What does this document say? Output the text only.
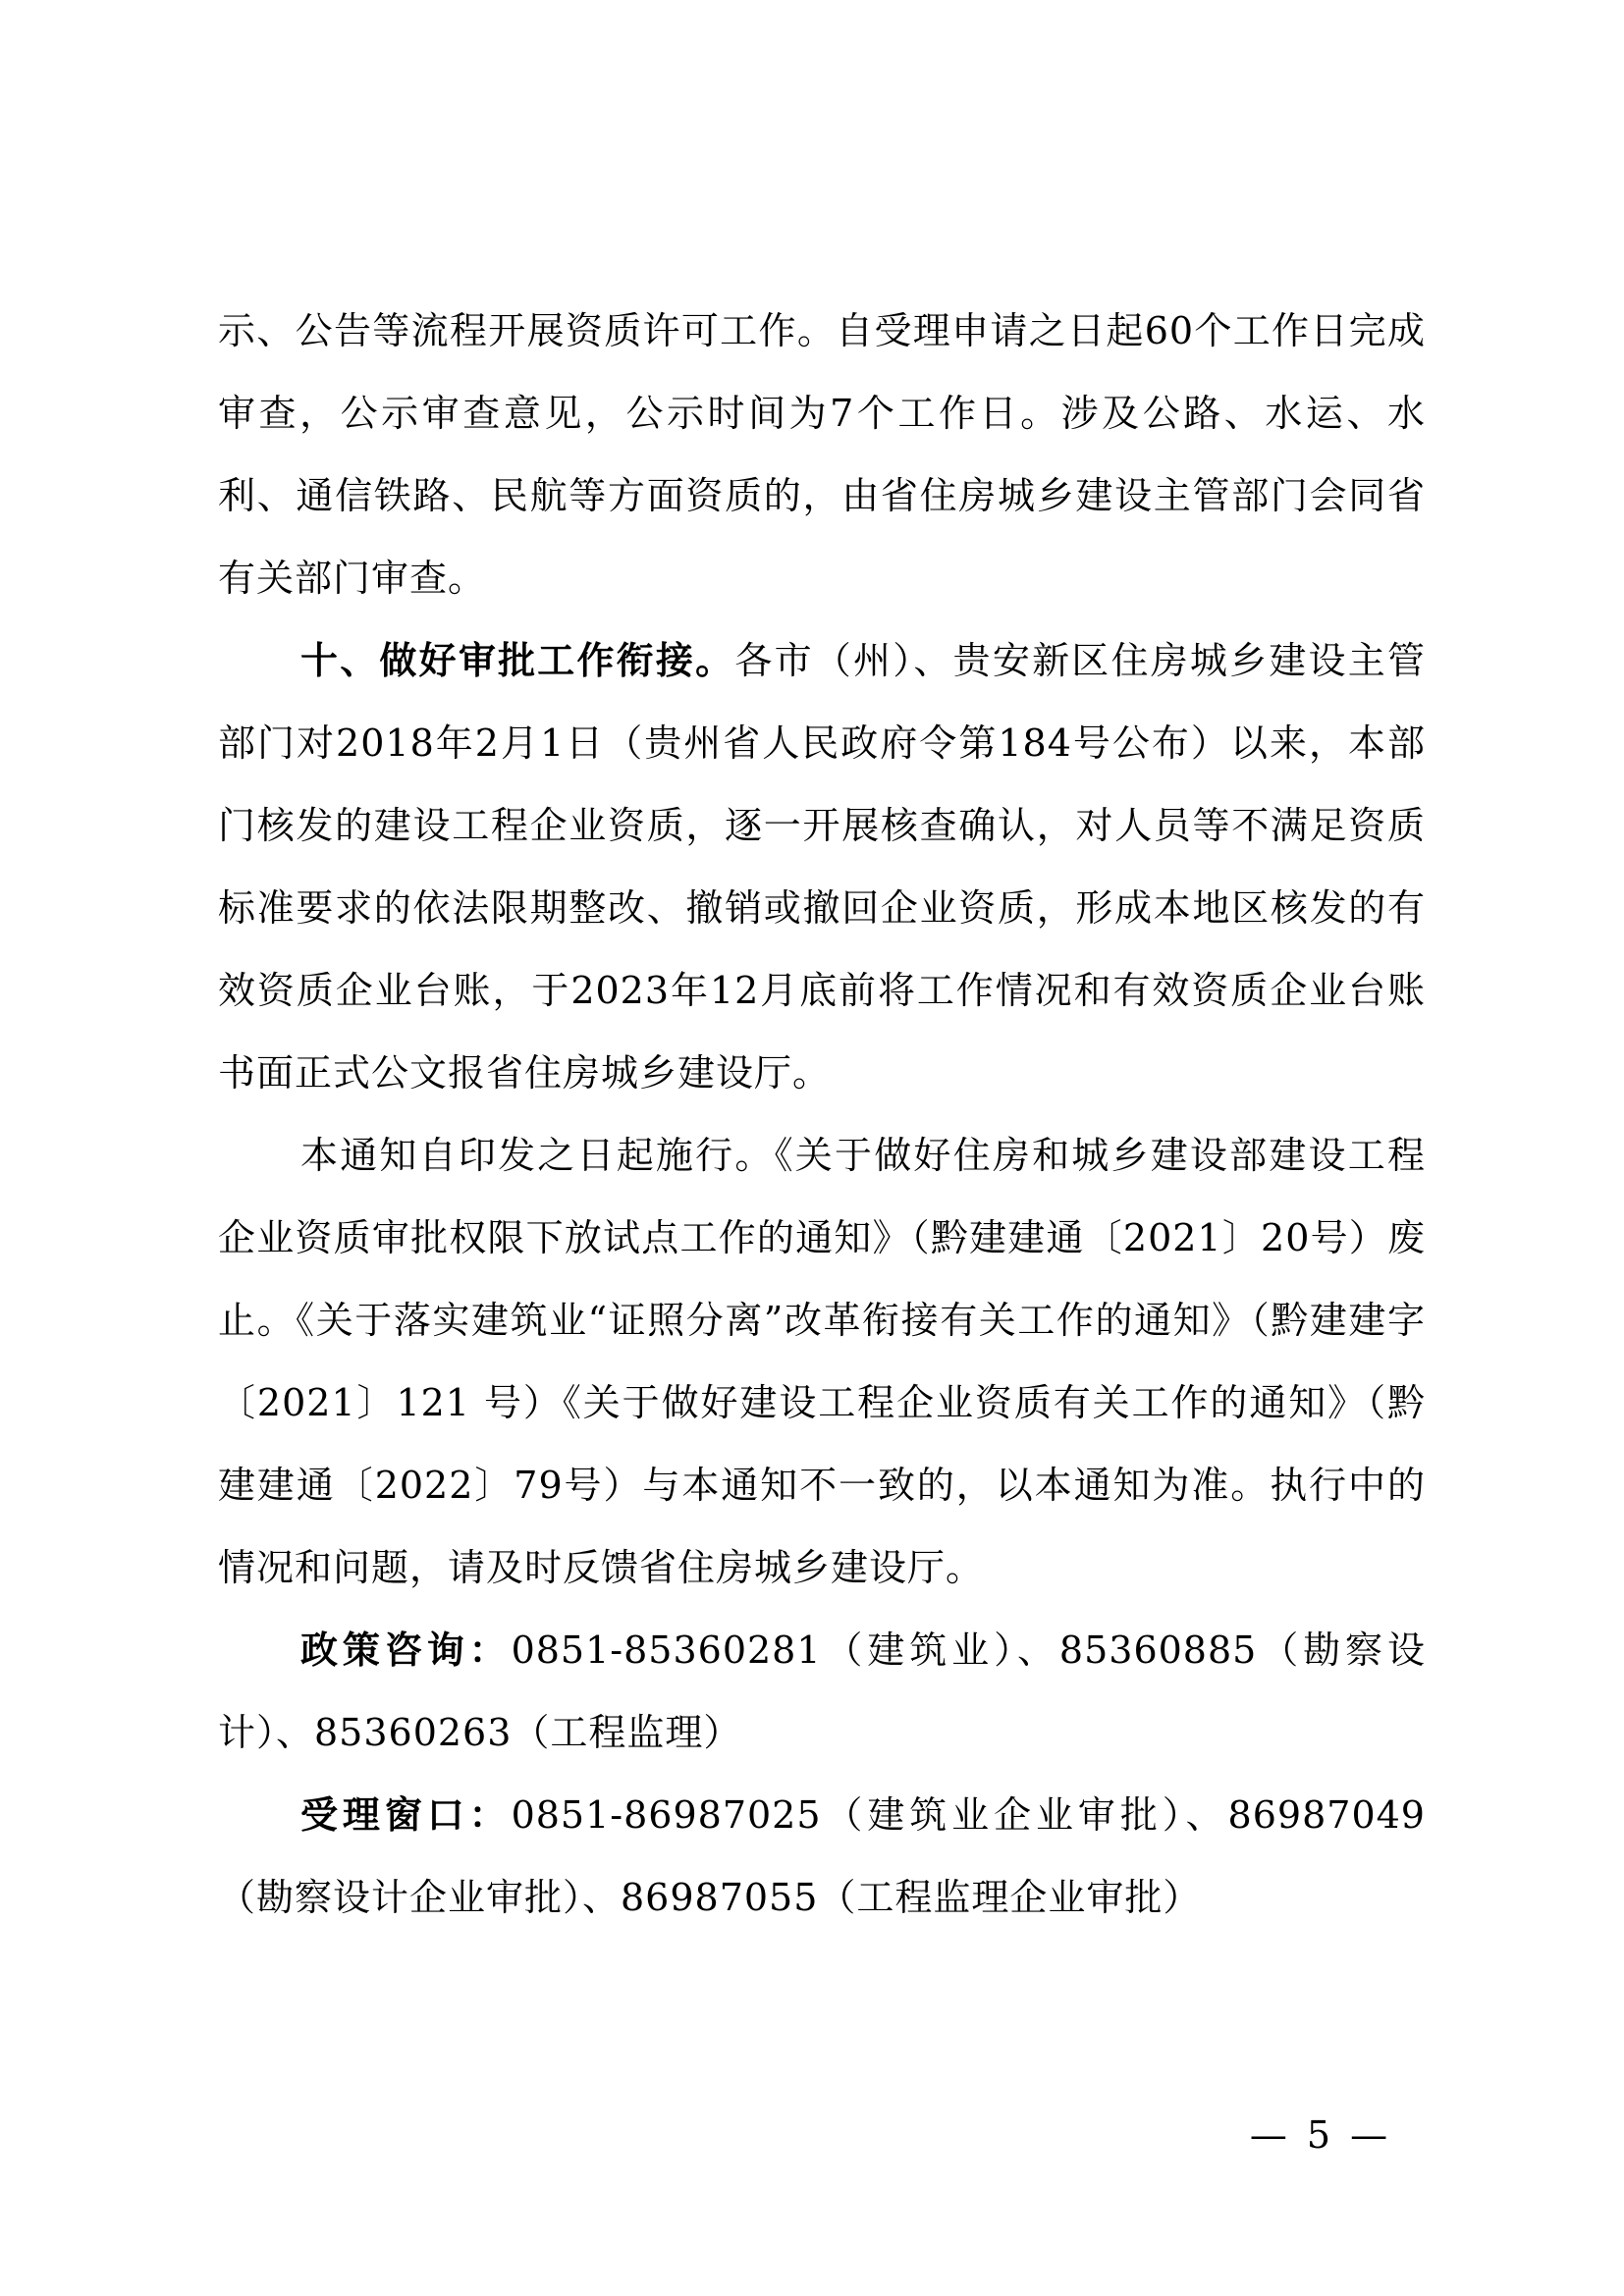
示、公告等流程开展资质许可工作。自受理申请之日起60个工作日完成审查，公示审查意见，公示时间为7个工作日。涉及公路、水运、水利、通信铁路、民航等方面资质的，由省住房城乡建设主管部门会同省有关部门审查。

十、做好审批工作衔接。各市（州）、贵安新区住房城乡建设主管部门对2018年2月1日（贵州省人民政府令第184号公布）以来，本部门核发的建设工程企业资质，逐一开展核查确认，对人员等不满足资质标准要求的依法限期整改、撤销或撤回企业资质，形成本地区核发的有效资质企业台账，于2023年12月底前将工作情况和有效资质企业台账书面正式公文报省住房城乡建设厅。

本通知自印发之日起施行。《关于做好住房和城乡建设部建设工程企业资质审批权限下放试点工作的通知》（黔建建通〔2021〕20号）废止。《关于落实建筑业“证照分离”改革衔接有关工作的通知》（黔建建字〔2021〕121 号）《关于做好建设工程企业资质有关工作的通知》（黔建建通〔2022〕79号）与本通知不一致的，以本通知为准。执行中的情况和问题，请及时反馈省住房城乡建设厅。

政策咨询：0851-85360281（建筑业）、85360885（勘察设计）、85360263（工程监理）

受理窗口：0851-86987025（建筑业企业审批）、86987049（勘察设计企业审批）、86987055（工程监理企业审批）

— 5 —
